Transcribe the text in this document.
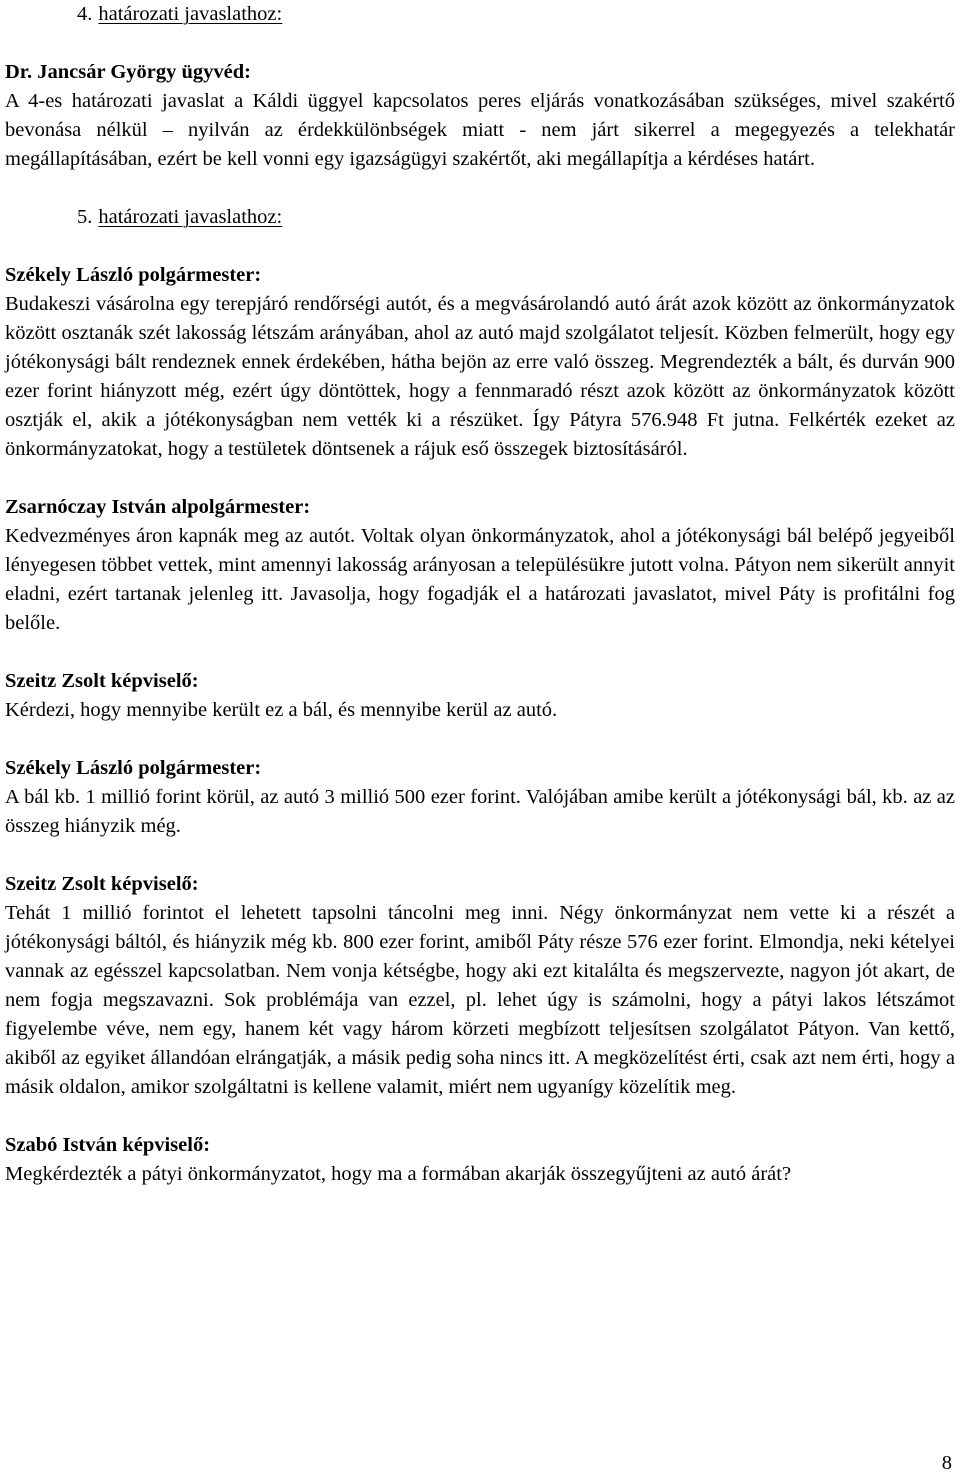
4. határozati javaslathoz:

Dr. Jancsár György ügyvéd:

A 4-es határozati javaslat a Káldi üggyel kapcsolatos peres eljárás vonatkozásában szükséges, mivel szakértő bevonása nélkül – nyilván az érdekkülönbségek miatt - nem járt sikerrel a megegyezés a telekhatár megállapításában, ezért be kell vonni egy igazságügyi szakértőt, aki megállapítja a kérdéses határt.

5. határozati javaslathoz:

Székely László polgármester:

Budakeszi vásárolna egy terepjáró rendőrségi autót, és a megvásárolandó autó árát azok között az önkormányzatok között osztanák szét lakosság létszám arányában, ahol az autó majd szolgálatot teljesít. Közben felmerült, hogy egy jótékonysági bált rendeznek ennek érdekében, hátha bejön az erre való összeg. Megrendezték a bált, és durván 900 ezer forint hiányzott még, ezért úgy döntöttek, hogy a fennmaradó részt azok között az önkormányzatok között osztják el, akik a jótékonyságban nem vették ki a részüket. Így Pátyra 576.948 Ft jutna. Felkérték ezeket az önkormányzatokat, hogy a testületek döntsenek a rájuk eső összegek biztosításáról.

Zsarnóczay István alpolgármester:

Kedvezményes áron kapnák meg az autót. Voltak olyan önkormányzatok, ahol a jótékonysági bál belépő jegyeiből lényegesen többet vettek, mint amennyi lakosság arányosan a településükre jutott volna. Pátyon nem sikerült annyit eladni, ezért tartanak jelenleg itt. Javasolja, hogy fogadják el a határozati javaslatot, mivel Páty is profitálni fog belőle.

Szeitz Zsolt képviselő:

Kérdezi, hogy mennyibe került ez a bál, és mennyibe kerül az autó.

Székely László polgármester:

A bál kb. 1 millió forint körül, az autó 3 millió 500 ezer forint. Valójában amibe került a jótékonysági bál, kb. az az összeg hiányzik még.

Szeitz Zsolt képviselő:

Tehát 1 millió forintot el lehetett tapsolni táncolni meg inni. Négy önkormányzat nem vette ki a részét a jótékonysági báltól, és hiányzik még kb. 800 ezer forint, amiből Páty része 576 ezer forint. Elmondja, neki kételyei vannak az egésszel kapcsolatban. Nem vonja kétségbe, hogy aki ezt kitalálta és megszervezte, nagyon jót akart, de nem fogja megszavazni. Sok problémája van ezzel, pl. lehet úgy is számolni, hogy a pátyi lakos létszámot figyelembe véve, nem egy, hanem két vagy három körzeti megbízott teljesítsen szolgálatot Pátyon. Van kettő, akiből az egyiket állandóan elrángatják, a másik pedig soha nincs itt. A megközelítést érti, csak azt nem érti, hogy a másik oldalon, amikor szolgáltatni is kellene valamit, miért nem ugyanígy közelítik meg.

Szabó István képviselő:

Megkérdezték a pátyi önkormányzatot, hogy ma a formában akarják összegyűjteni az autó árát?

8
